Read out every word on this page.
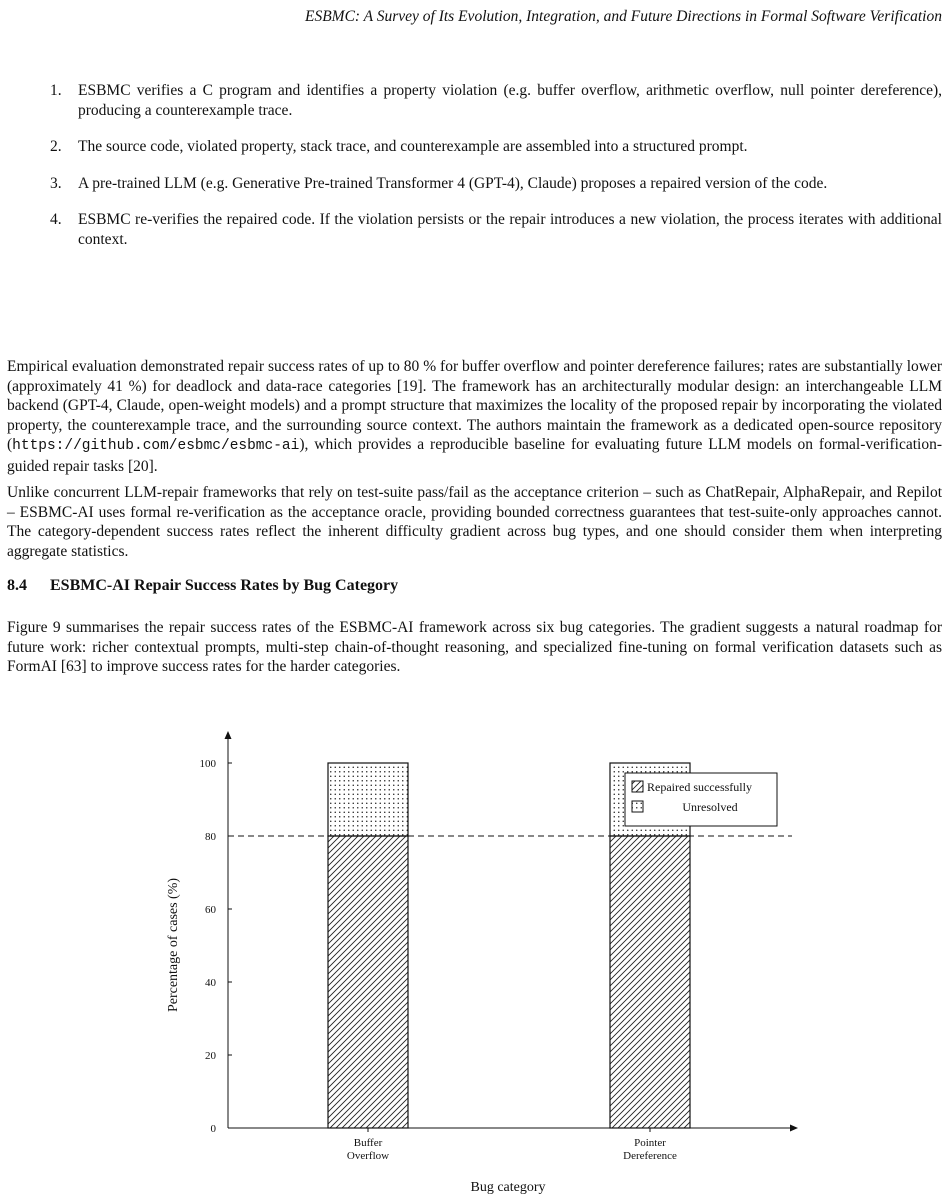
ESBMC: A Survey of Its Evolution, Integration, and Future Directions in Formal Software Verification
1. ESBMC verifies a C program and identifies a property violation (e.g. buffer overflow, arithmetic overflow, null pointer dereference), producing a counterexample trace.
2. The source code, violated property, stack trace, and counterexample are assembled into a structured prompt.
3. A pre-trained LLM (e.g. Generative Pre-trained Transformer 4 (GPT-4), Claude) proposes a repaired version of the code.
4. ESBMC re-verifies the repaired code. If the violation persists or the repair introduces a new violation, the process iterates with additional context.

Empirical evaluation demonstrated repair success rates of up to 80 % for buffer overflow and pointer dereference failures; rates are substantially lower (approximately 41 %) for deadlock and data-race categories [19]. The framework has an architecturally modular design: an interchangeable LLM backend (GPT-4, Claude, open-weight models) and a prompt structure that maximizes the locality of the proposed repair by incorporating the violated property, the counterexample trace, and the surrounding source context. The authors maintain the framework as a dedicated open-source repository (https://github.com/esbmc/esbmc-ai), which provides a reproducible baseline for evaluating future LLM models on formal-verification-guided repair tasks [20].

Unlike concurrent LLM-repair frameworks that rely on test-suite pass/fail as the acceptance criterion – such as ChatRepair, AlphaRepair, and Repilot – ESBMC-AI uses formal re-verification as the acceptance oracle, providing bounded correctness guarantees that test-suite-only approaches cannot. The category-dependent success rates reflect the inherent difficulty gradient across bug types, and one should consider them when interpreting aggregate statistics.

8.4 ESBMC-AI Repair Success Rates by Bug Category

Figure 9 summarises the repair success rates of the ESBMC-AI framework across six bug categories. The gradient suggests a natural roadmap for future work: richer contextual prompts, multi-step chain-of-thought reasoning, and specialized fine-tuning on formal verification datasets such as FormAI [63] to improve success rates for the harder categories.

0
20
40
60
80
100
Buffer
Overflow
Pointer
Dereference
Bug category
Percentage of cases (%)
Repaired successfully
Unresolved
